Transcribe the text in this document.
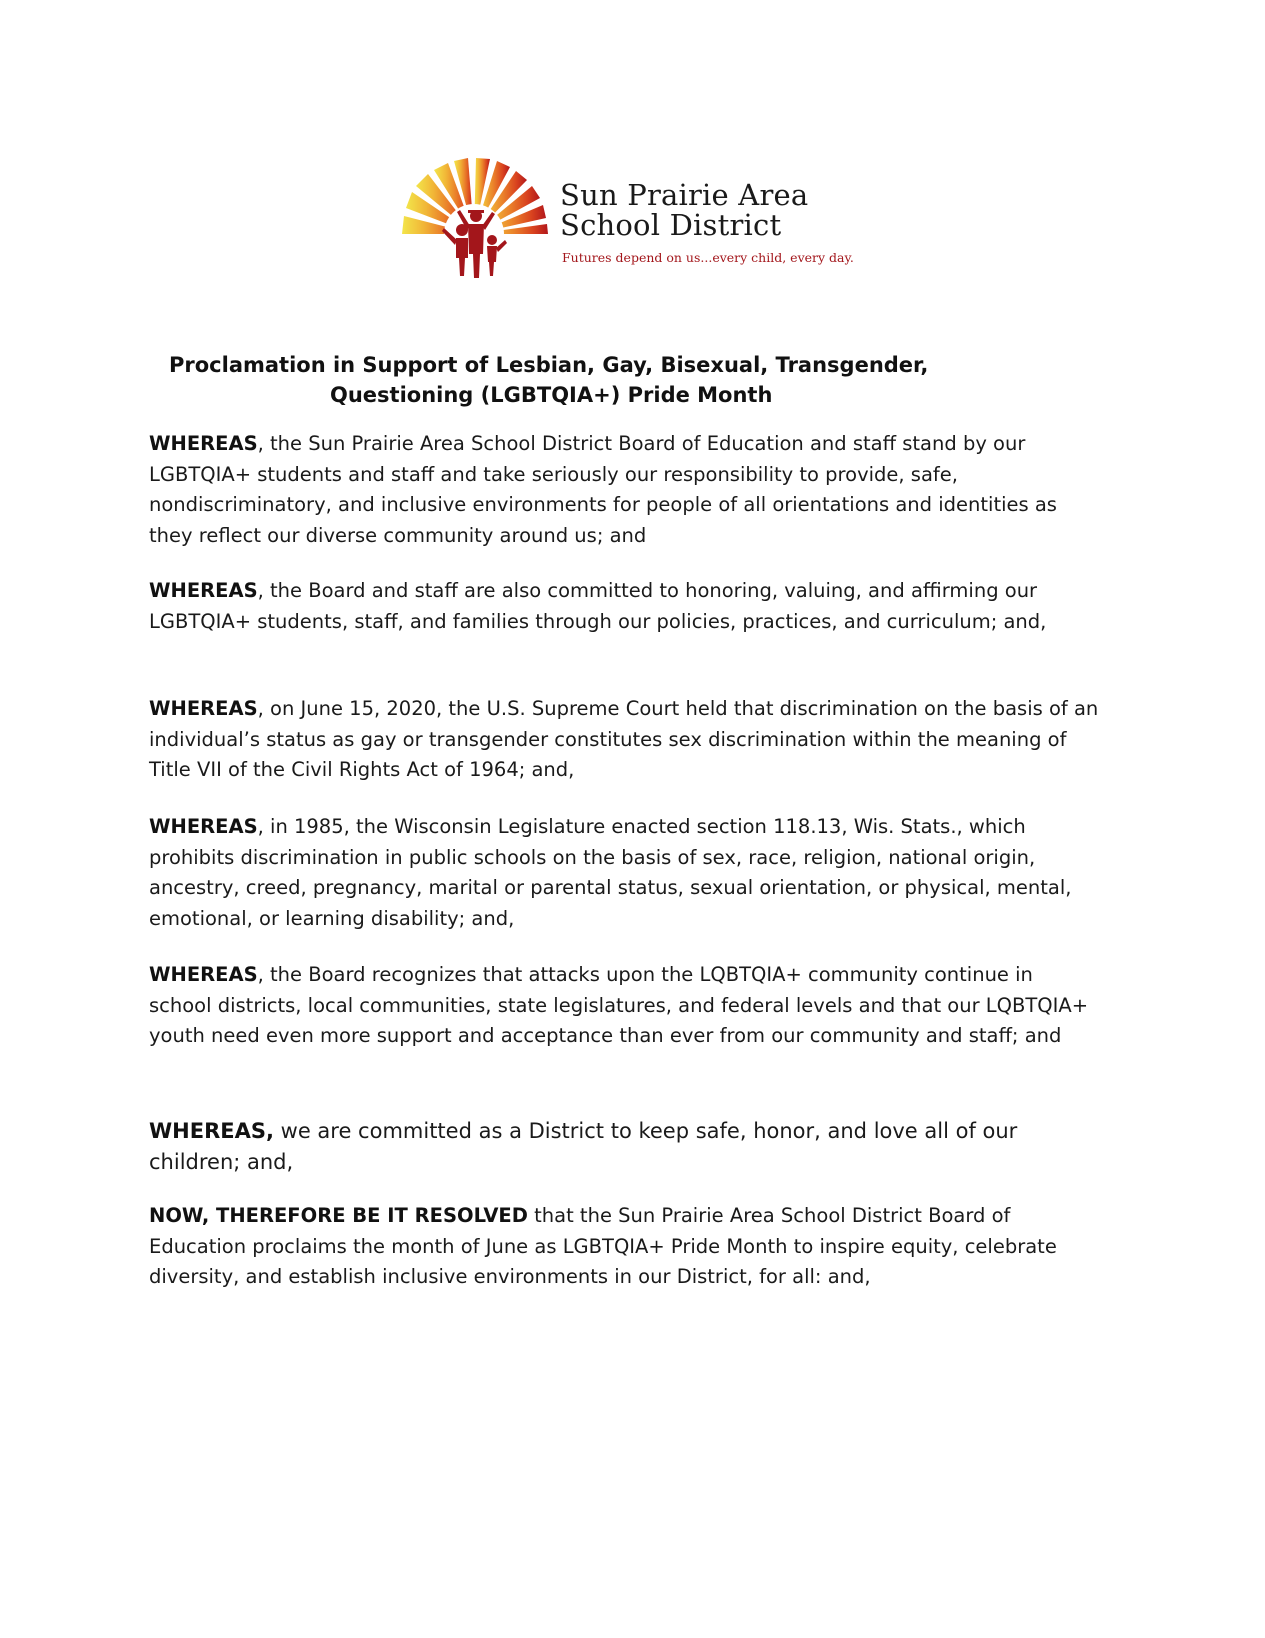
Sun Prairie Area
School District
Futures depend on us...every child, every day.
Proclamation in Support of Lesbian, Gay, Bisexual, Transgender,
Questioning (LGBTQIA+) Pride Month
WHEREAS, the Sun Prairie Area School District Board of Education and staff stand by our LGBTQIA+ students and staff and take seriously our responsibility to provide, safe, nondiscriminatory, and inclusive environments for people of all orientations and identities as they reflect our diverse community around us; and
WHEREAS, the Board and staff are also committed to honoring, valuing, and affirming our LGBTQIA+ students, staff, and families through our policies, practices, and curriculum; and,
WHEREAS, on June 15, 2020, the U.S. Supreme Court held that discrimination on the basis of an individual’s status as gay or transgender constitutes sex discrimination within the meaning of Title VII of the Civil Rights Act of 1964; and,
WHEREAS, in 1985, the Wisconsin Legislature enacted section 118.13, Wis. Stats., which prohibits discrimination in public schools on the basis of sex, race, religion, national origin, ancestry, creed, pregnancy, marital or parental status, sexual orientation, or physical, mental, emotional, or learning disability; and,
WHEREAS, the Board recognizes that attacks upon the LQBTQIA+ community continue in school districts, local communities, state legislatures, and federal levels and that our LQBTQIA+ youth need even more support and acceptance than ever from our community and staff; and
WHEREAS, we are committed as a District to keep safe, honor, and love all of our children; and,
NOW, THEREFORE BE IT RESOLVED that the Sun Prairie Area School District Board of Education proclaims the month of June as LGBTQIA+ Pride Month to inspire equity, celebrate diversity, and establish inclusive environments in our District, for all: and,
